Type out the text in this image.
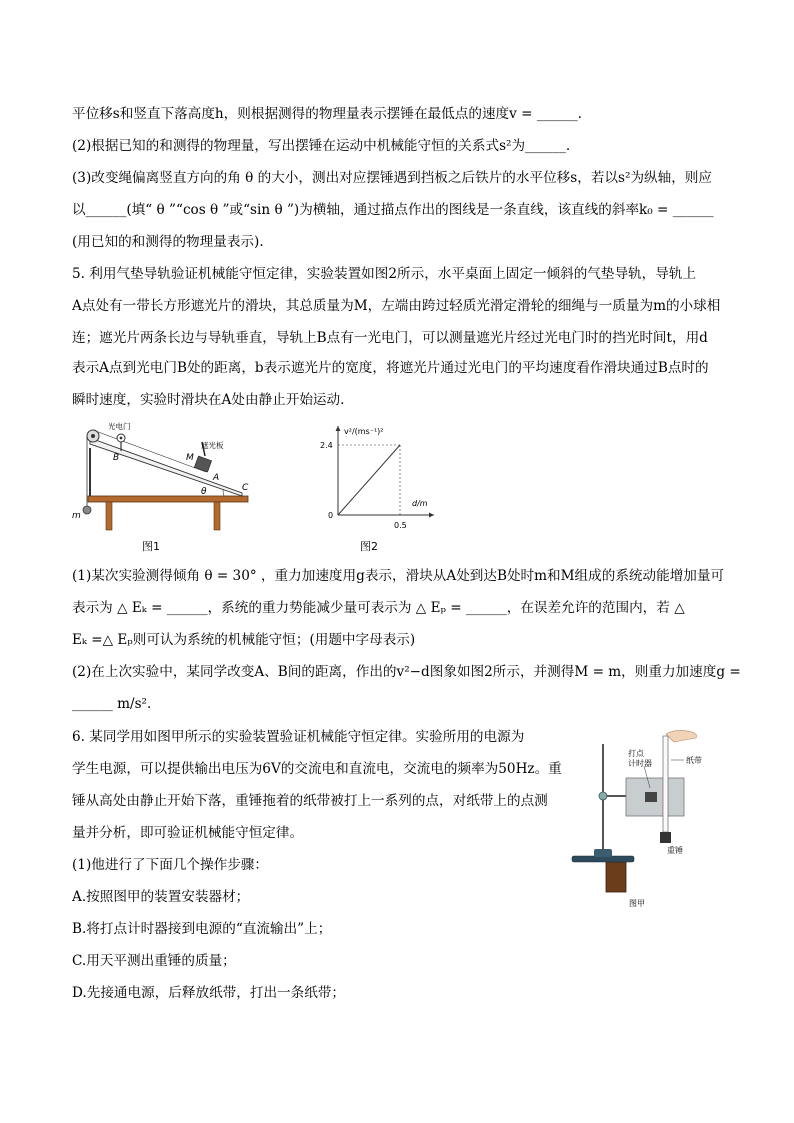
平位移s和竖直下落高度h，则根据测得的物理量表示摆锤在最低点的速度v = ______.
(2)根据已知的和测得的物理量，写出摆锤在运动中机械能守恒的关系式s²为______.
(3)改变绳偏离竖直方向的角 θ 的大小，测出对应摆锤遇到挡板之后铁片的水平位移s，若以s²为纵轴，则应
以______(填“ θ ”“cos θ ”或“sin θ ”)为横轴，通过描点作出的图线是一条直线，该直线的斜率k₀ = ______
(用已知的和测得的物理量表示).
5. 利用气垫导轨验证机械能守恒定律，实验装置如图2所示，水平桌面上固定一倾斜的气垫导轨，导轨上
A点处有一带长方形遮光片的滑块，其总质量为M，左端由跨过轻质光滑定滑轮的细绳与一质量为m的小球相
连；遮光片两条长边与导轨垂直，导轨上B点有一光电门，可以测量遮光片经过光电门时的挡光时间t，用d
表示A点到光电门B处的距离，b表示遮光片的宽度，将遮光片通过光电门的平均速度看作滑块通过B点时的
瞬时速度，实验时滑块在A处由静止开始运动.
光电门
遮光板
B	M
A
C
θ
m
图1
v²/(ms⁻¹)²
d/m
2.4
0.5
0
图2
(1)某次实验测得倾角 θ = 30° ，重力加速度用g表示，滑块从A处到达B处时m和M组成的系统动能增加量可
表示为 △ Eₖ = ______，系统的重力势能减少量可表示为 △ Eₚ = ______，在误差允许的范围内，若 △
Eₖ =△ Eₚ则可认为系统的机械能守恒；(用题中字母表示)
(2)在上次实验中，某同学改变A、B间的距离，作出的v²−d图象如图2所示，并测得M = m，则重力加速度g =
______ m/s².
6. 某同学用如图甲所示的实验装置验证机械能守恒定律。实验所用的电源为
学生电源，可以提供输出电压为6V的交流电和直流电，交流电的频率为50Hz。重
锤从高处由静止开始下落，重锤拖着的纸带被打上一系列的点，对纸带上的点测
量并分析，即可验证机械能守恒定律。
(1)他进行了下面几个操作步骤：
A.按照图甲的装置安装器材；
B.将打点计时器接到电源的“直流输出”上；
C.用天平测出重锤的质量；
D.先接通电源，后释放纸带，打出一条纸带；
打点
计时器	纸带
重锤
图甲
